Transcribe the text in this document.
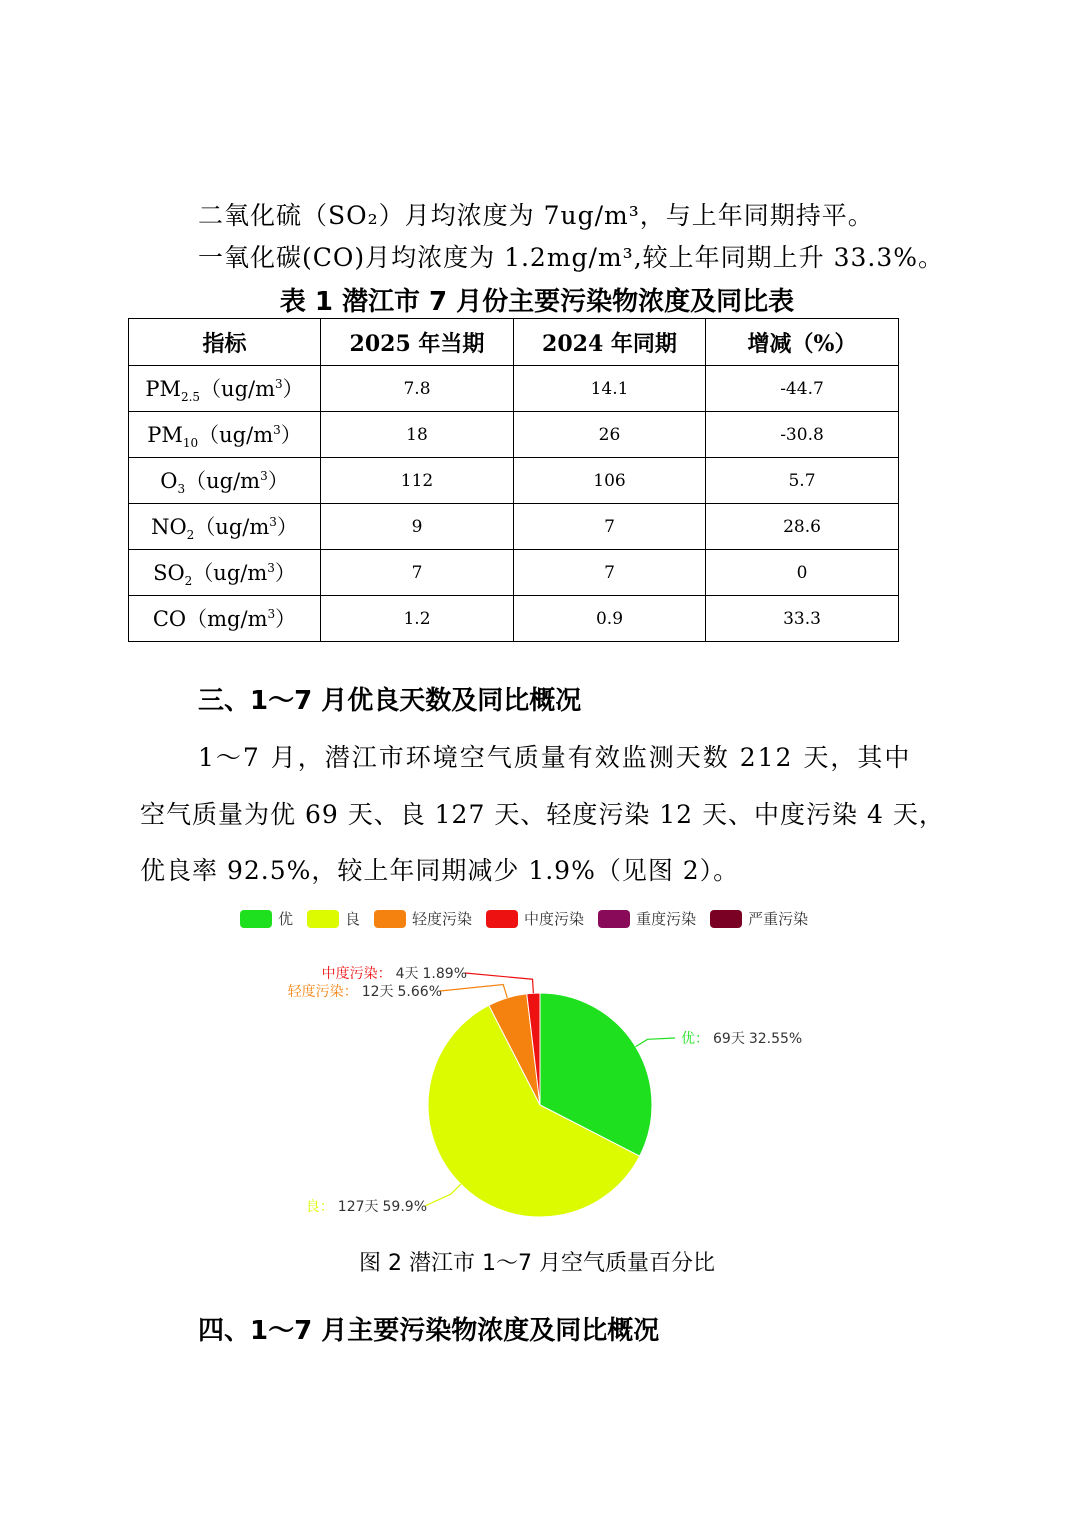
二氧化硫（SO₂）月均浓度为 7ug/m³，与上年同期持平。
一氧化碳(CO)月均浓度为 1.2mg/m³,较上年同期上升 33.3%。
表 1 潜江市 7 月份主要污染物浓度及同比表
指标	2025 年当期	2024 年同期	增减（%）
$PM_{2.5}(ug/m^3)$	7.8	14.1	-44.7
$PM_{10}(ug/m^3)$	18	26	-30.8
$O_3(ug/m^3)$	112	106	5.7
$NO_2(ug/m^3)$	9	7	28.6
$SO_2(ug/m^3)$	7	7	0
$CO(mg/m^3)$	1.2	0.9	33.3
三、1～7 月优良天数及同比概况
1～7 月，潜江市环境空气质量有效监测天数 212 天，其中
空气质量为优 69 天、良 127 天、轻度污染 12 天、中度污染 4 天，
优良率 92.5%，较上年同期减少 1.9%（见图 2）。
优	良	轻度污染	中度污染	重度污染	严重污染
优： 69天 32.55%
良： 127天 59.9%
轻度污染： 12天 5.66%
中度污染： 4天 1.89%
图 2 潜江市 1～7 月空气质量百分比
四、1～7 月主要污染物浓度及同比概况
